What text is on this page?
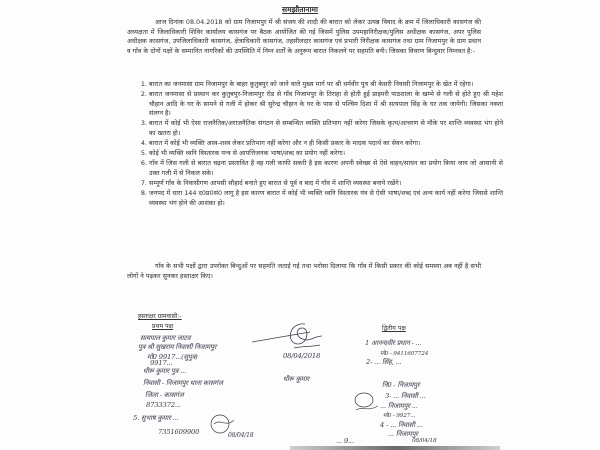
समझौतानामा

आज दिनांक 08.04.2018 को ग्राम निजामपुर में श्री संजय की शादी की बारात को लेकर उत्पन्न विवाद के क्रम में जिलाधिकारी कासगंज की अध्यक्षता में जिलाधिकारी शिविर कार्यालय कासगंज पर बैठक आयोजित की गई जिसमें पुलिस उपमहानिरीक्षक/पुलिस अधीक्षक कासगंज, अपर पुलिस अधीक्षक कासगंज, उपजिलाधिकारी कासगंज, क्षेत्राधिकारी कासगंज, तहसीलदार कासगंज एवं प्रभारी निरीक्षक कासगंज तथा ग्राम निजामपुर के ग्राम प्रधान व गाँव के दोनों पक्षों के सम्मानित नागरिकों की उपस्थिति में निम्न शर्तों के अनुरूप बारात निकलने पर सहमति बनी। जिसका विवरण बिन्दुवार निम्नवत है:-

1. बारात का जनमासा ग्राम निजामपुर के बाहर कुतुबपुर को जाने वाले मुख्य मार्ग पर श्री धर्मवीर पुत्र श्री केसरी निवासी निजामपुर के खेत में रहेगा।
2. बारात जनमासा से प्रस्थान कर कुतुबपुर-निजामपुर रोड से गाँव निजामपुर के तिराहा से होती हुई प्राइमरी पाठशाला के खम्भे से गली से होते हुए श्री महेश चौहान आदि के घर के सामने से गली में होकर श्री सुरेन्द्र चौहान के घर के पास से पश्चिम दिशा में श्री सत्यपाल सिंह के घर तक जायेगी। जिसका नक्शा संलग्न है।
3. बारात में कोई भी ऐसा राजनैतिक/अराजनैतिक संगठन से सम्बन्धित व्यक्ति प्रतिभाग नहीं करेगा जिसके कृत्य/आचरण से मौके पर शान्ति व्यवस्था भंग होने का खतरा हो।
4. बारात में कोई भी व्यक्ति अस्त्र-शस्त्र लेकर प्रतिभाग नहीं करेगा और न ही किसी प्रकार के मादक पदार्थ का सेवन करेगा।
5. कोई भी व्यक्ति ध्वनि विस्तारक यन्त्र से आपत्तिजनक भाषा/शब्द का प्रयोग नहीं करेगा।
6. गाँव में जिस गली से बारात चढ़ना प्रस्तावित है वह गली काफी सकरी है इस कारण अपनी स्वेच्छा से ऐसे वाहन/साधन का प्रयोग किया जाय जो आसानी से उक्त गली में से निकल सके।
7. सम्पूर्ण गाँव के निवासीगण आपसी सौहार्द बनाते हुए बारात से पूर्व व बाद में गाँव में शान्ति व्यवस्था बनाये रखेंगे।
8. जनपद में धारा 144 द0प्र0सं0 लागू है इस कारण बारात में कोई भी व्यक्ति ध्वनि विस्तारक यंत्र से ऐसी भाषा/शब्द एवं अन्य कार्य नहीं करेगा जिससे शान्ति व्यवस्था भंग होने की आशंका हो।

गाँव के सभी पक्षों द्वारा उपरोक्त बिन्दुओं पर सहमति जताई गई तथा भरोसा दिलाया कि गाँव में किसी प्रकार की कोई समस्या अब नहीं है सभी लोगों ने पढ़कर सुनकर हस्ताक्षर किए।

हस्ताक्षर ग्रामवासी:-
प्रथम पक्ष	द्वितीय पक्ष
सत्यपाल कुमार जाटव
पुत्र श्री सुखराम निवासी निजामपुर
मो0 9917...(सुपुत्र)
9917...
धीरू कुमार पुत्र ...
निवासी - निजामपुर थाना कासगंज
जिला - कासगंज
8733372...
5. सुभाष कुमार ...
7351609900
08/04/2018
धीरू कुमार
08/04/18
1 आनन्दवीर प्रधान - ...
मो0 - 9411607724
2- ... सिंह, ...
नि0 - निजामपुर
3- ... निवासी ...
... निजामपुर ...
मो0 - 9927...
4 - ... निवासी ...
... निजामपुर
... 9...	08/04/18
